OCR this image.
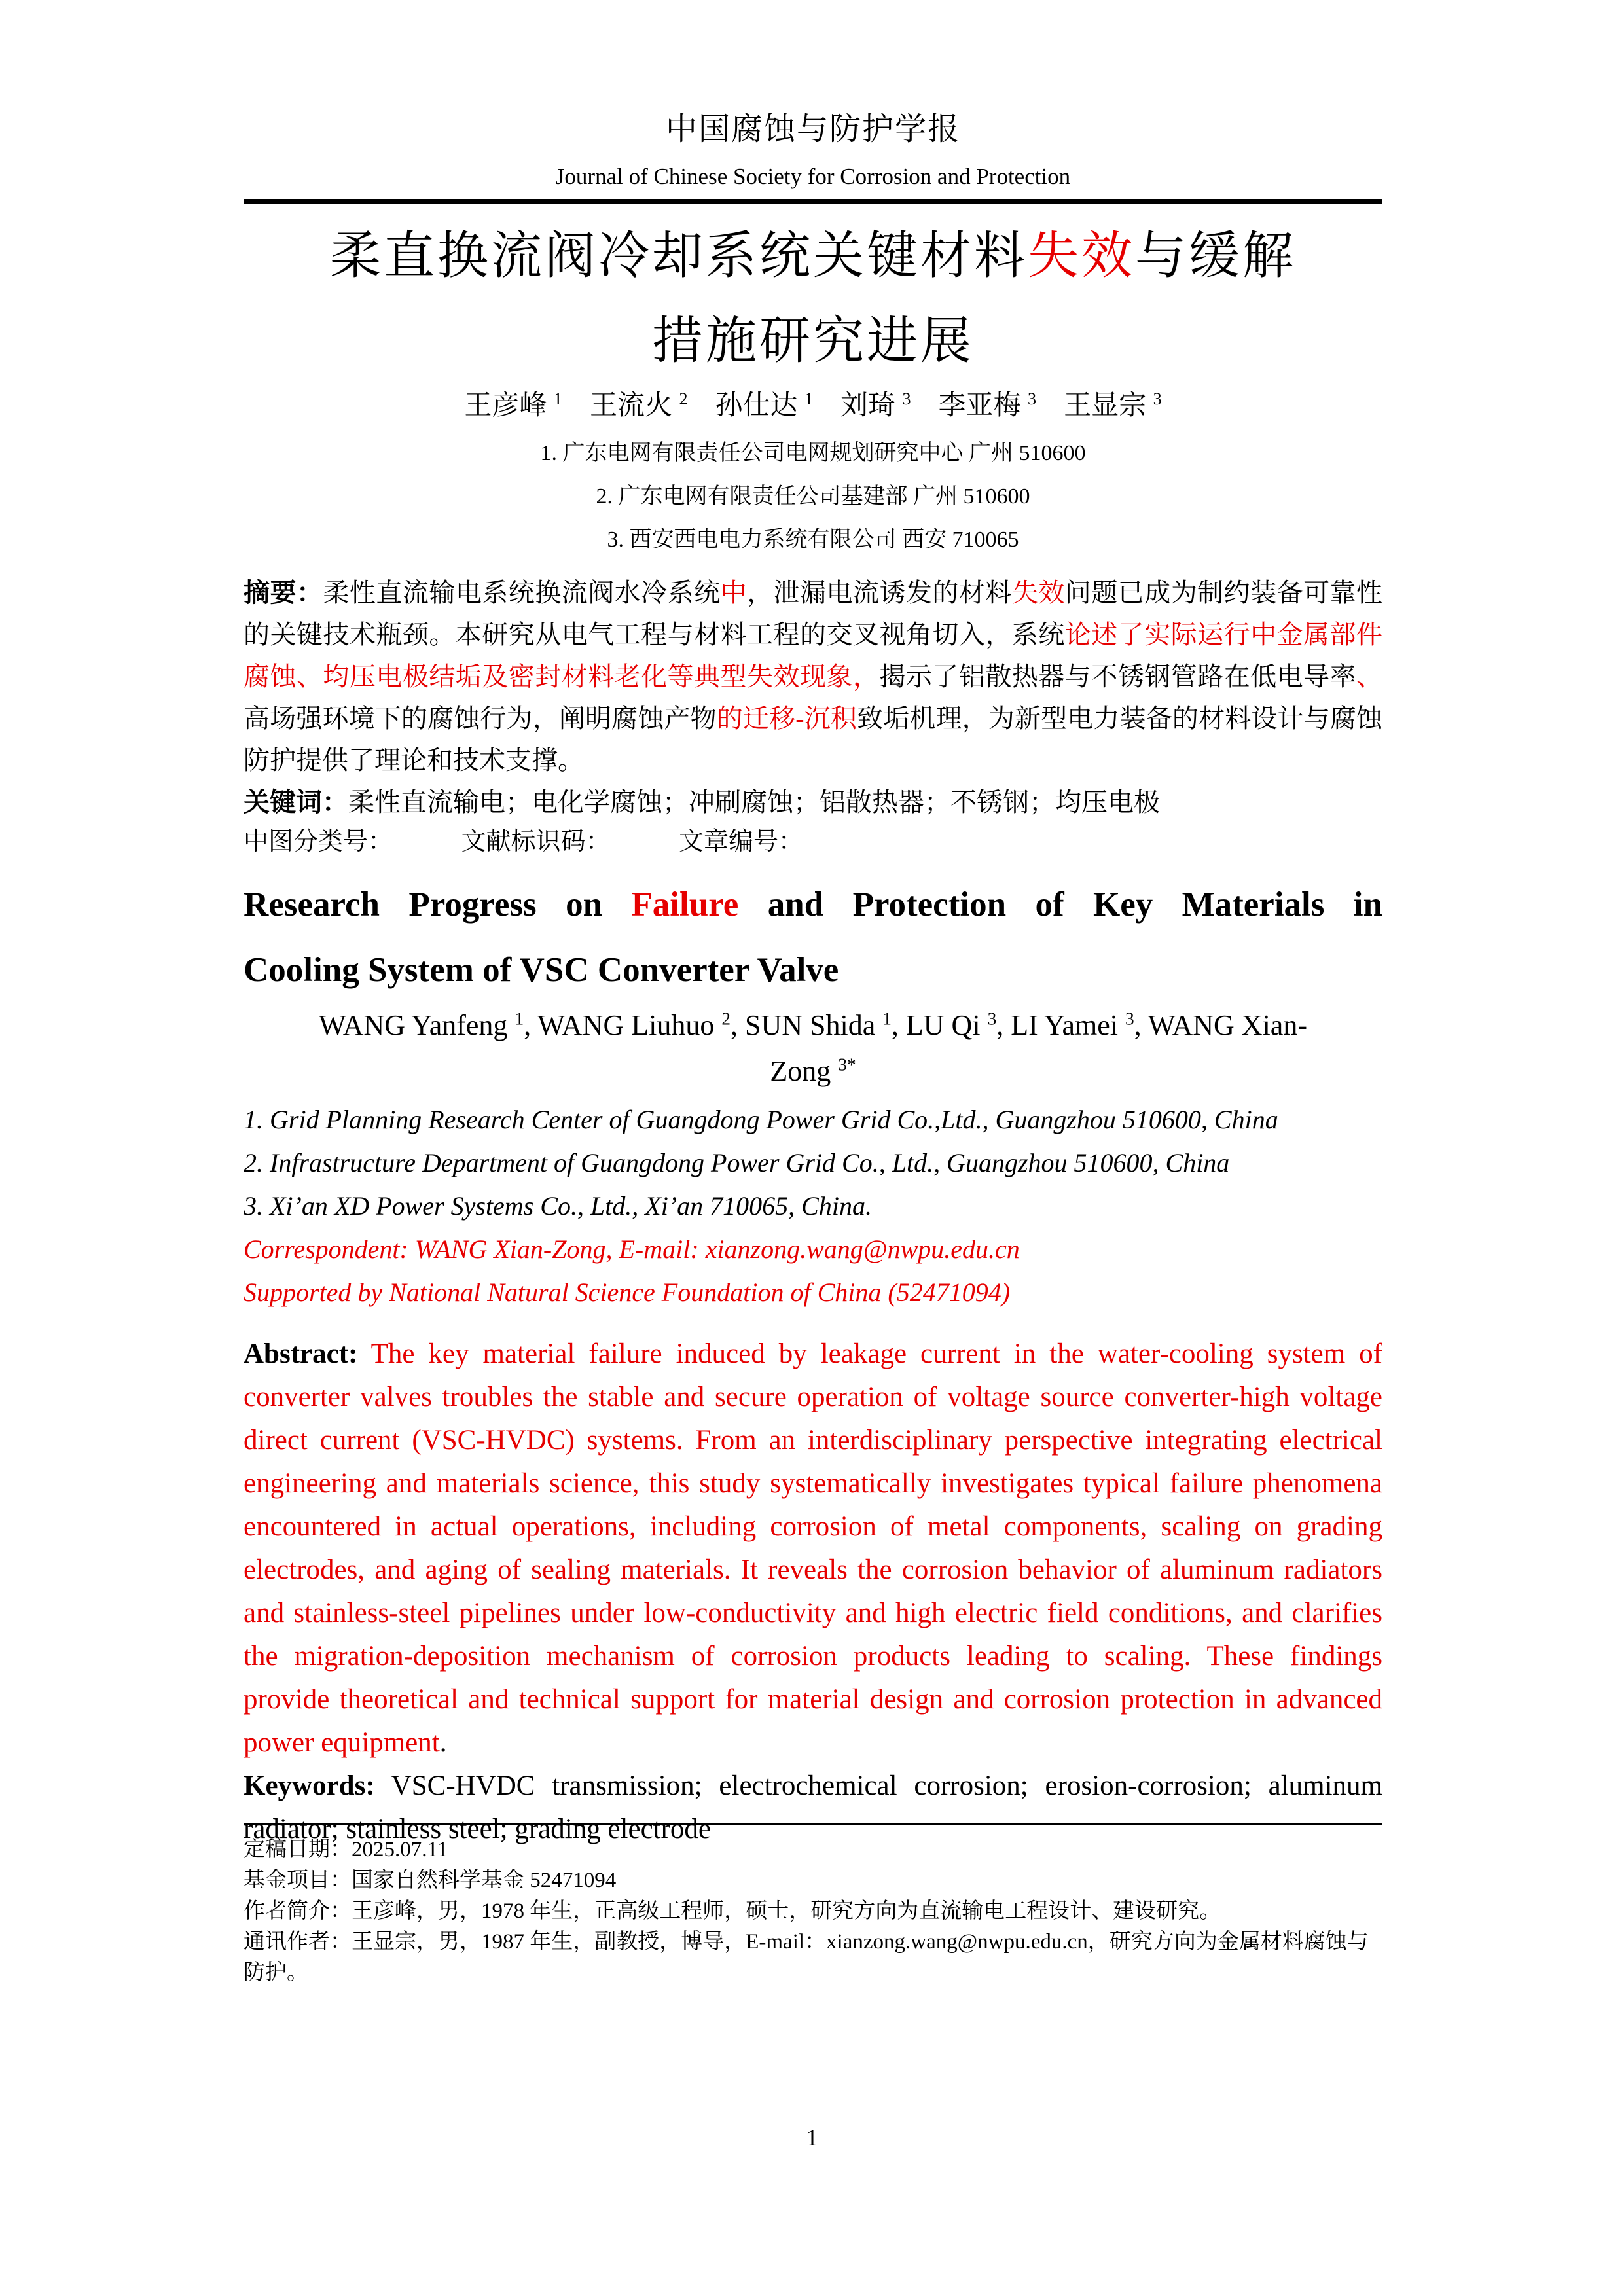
中国腐蚀与防护学报
Journal of Chinese Society for Corrosion and Protection
柔直换流阀冷却系统关键材料失效与缓解
措施研究进展
王彦峰 $^1$　王流火 $^2$　孙仕达 $^1$　刘琦 $^3$　李亚梅 $^3$　王显宗 $^3$
1. 广东电网有限责任公司电网规划研究中心 广州 510600
2. 广东电网有限责任公司基建部 广州 510600
3. 西安西电电力系统有限公司 西安 710065
摘要：柔性直流输电系统换流阀水冷系统中，泄漏电流诱发的材料失效问题已成为制约装备可靠性的关键技术瓶颈。本研究从电气工程与材料工程的交叉视角切入，系统论述了实际运行中金属部件腐蚀、均压电极结垢及密封材料老化等典型失效现象，揭示了铝散热器与不锈钢管路在低电导率、高场强环境下的腐蚀行为，阐明腐蚀产物的迁移-沉积致垢机理，为新型电力装备的材料设计与腐蚀防护提供了理论和技术支撑。
关键词：柔性直流输电；电化学腐蚀；冲刷腐蚀；铝散热器；不锈钢；均压电极
中图分类号：	文献标识码：	文章编号：
Research Progress on Failure and Protection of Key Materials in
Cooling System of VSC Converter Valve
WANG Yanfeng $^1$, WANG Liuhuo $^2$, SUN Shida $^1$, LU Qi $^3$, LI Yamei $^3$, WANG Xian-
Zong $^{3*}$
1. Grid Planning Research Center of Guangdong Power Grid Co.,Ltd., Guangzhou 510600, China
2. Infrastructure Department of Guangdong Power Grid Co., Ltd., Guangzhou 510600, China
3. Xi’an XD Power Systems Co., Ltd., Xi’an 710065, China.
Correspondent: WANG Xian-Zong, E-mail: xianzong.wang@nwpu.edu.cn
Supported by National Natural Science Foundation of China (52471094)
Abstract: The key material failure induced by leakage current in the water-cooling system of converter valves troubles the stable and secure operation of voltage source converter-high voltage direct current (VSC-HVDC) systems. From an interdisciplinary perspective integrating electrical engineering and materials science, this study systematically investigates typical failure phenomena encountered in actual operations, including corrosion of metal components, scaling on grading electrodes, and aging of sealing materials. It reveals the corrosion behavior of aluminum radiators and stainless-steel pipelines under low-conductivity and high electric field conditions, and clarifies the migration-deposition mechanism of corrosion products leading to scaling. These findings provide theoretical and technical support for material design and corrosion protection in advanced power equipment.
Keywords: VSC-HVDC transmission; electrochemical corrosion; erosion-corrosion; aluminum radiator; stainless steel; grading electrode
定稿日期：2025.07.11
基金项目：国家自然科学基金 52471094
作者简介：王彦峰，男，1978 年生，正高级工程师，硕士，研究方向为直流输电工程设计、建设研究。
通讯作者：王显宗，男，1987 年生，副教授，博导，E-mail：xianzong.wang@nwpu.edu.cn，研究方向为金属材料腐蚀与防护。
1
